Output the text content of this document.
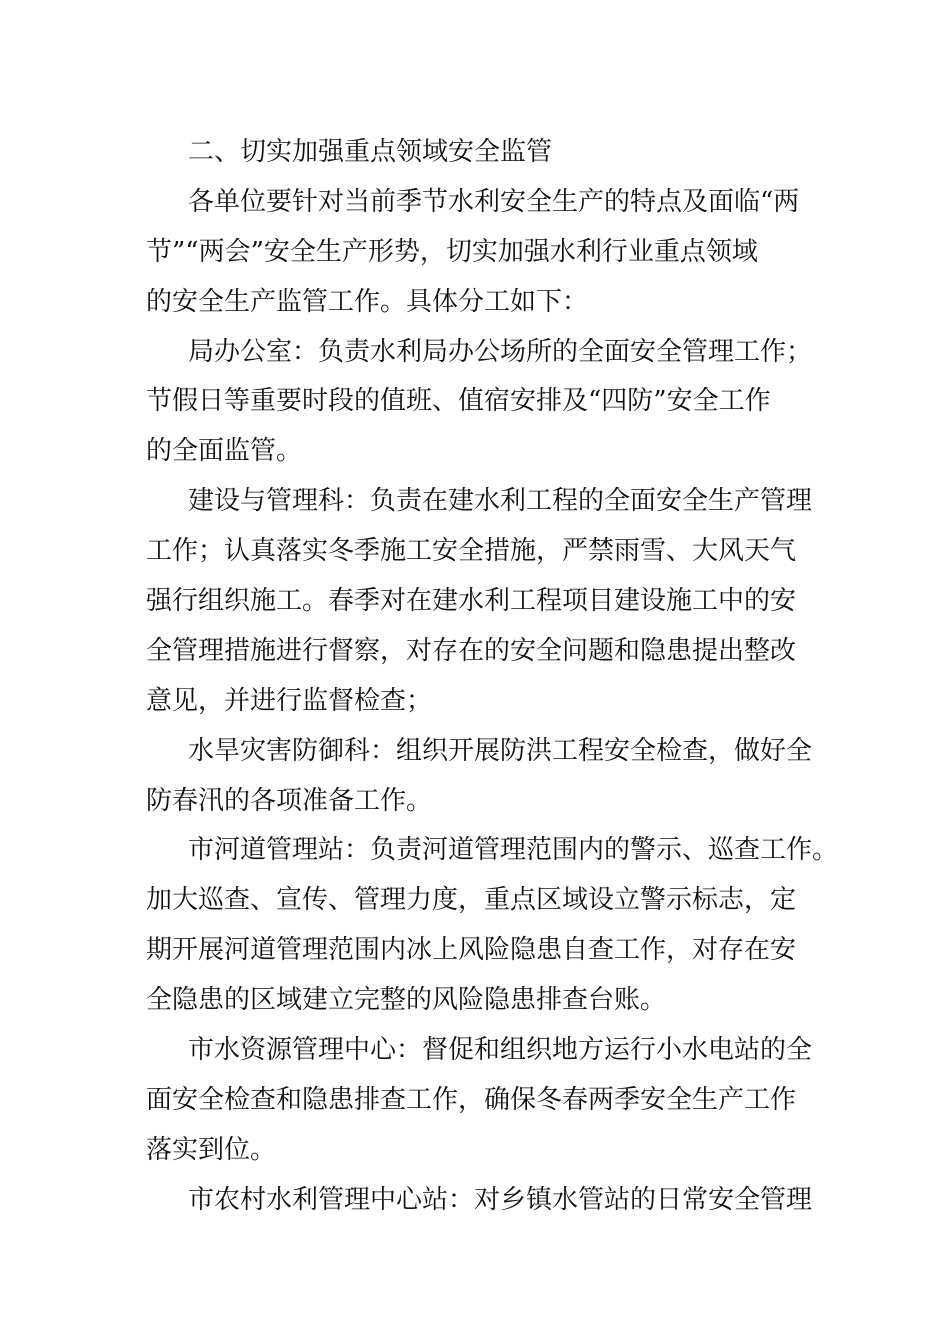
二、切实加强重点领域安全监管
各单位要针对当前季节水利安全生产的特点及面临“两
节”“两会”安全生产形势，切实加强水利行业重点领域
的安全生产监管工作。具体分工如下：
局办公室：负责水利局办公场所的全面安全管理工作；
节假日等重要时段的值班、值宿安排及“四防”安全工作
的全面监管。
建设与管理科：负责在建水利工程的全面安全生产管理
工作；认真落实冬季施工安全措施，严禁雨雪、大风天气
强行组织施工。春季对在建水利工程项目建设施工中的安
全管理措施进行督察，对存在的安全问题和隐患提出整改
意见，并进行监督检查；
水旱灾害防御科：组织开展防洪工程安全检查，做好全
防春汛的各项准备工作。
市河道管理站：负责河道管理范围内的警示、巡查工作。
加大巡查、宣传、管理力度，重点区域设立警示标志，定
期开展河道管理范围内冰上风险隐患自查工作，对存在安
全隐患的区域建立完整的风险隐患排查台账。
市水资源管理中心：督促和组织地方运行小水电站的全
面安全检查和隐患排查工作，确保冬春两季安全生产工作
落实到位。
市农村水利管理中心站：对乡镇水管站的日常安全管理
